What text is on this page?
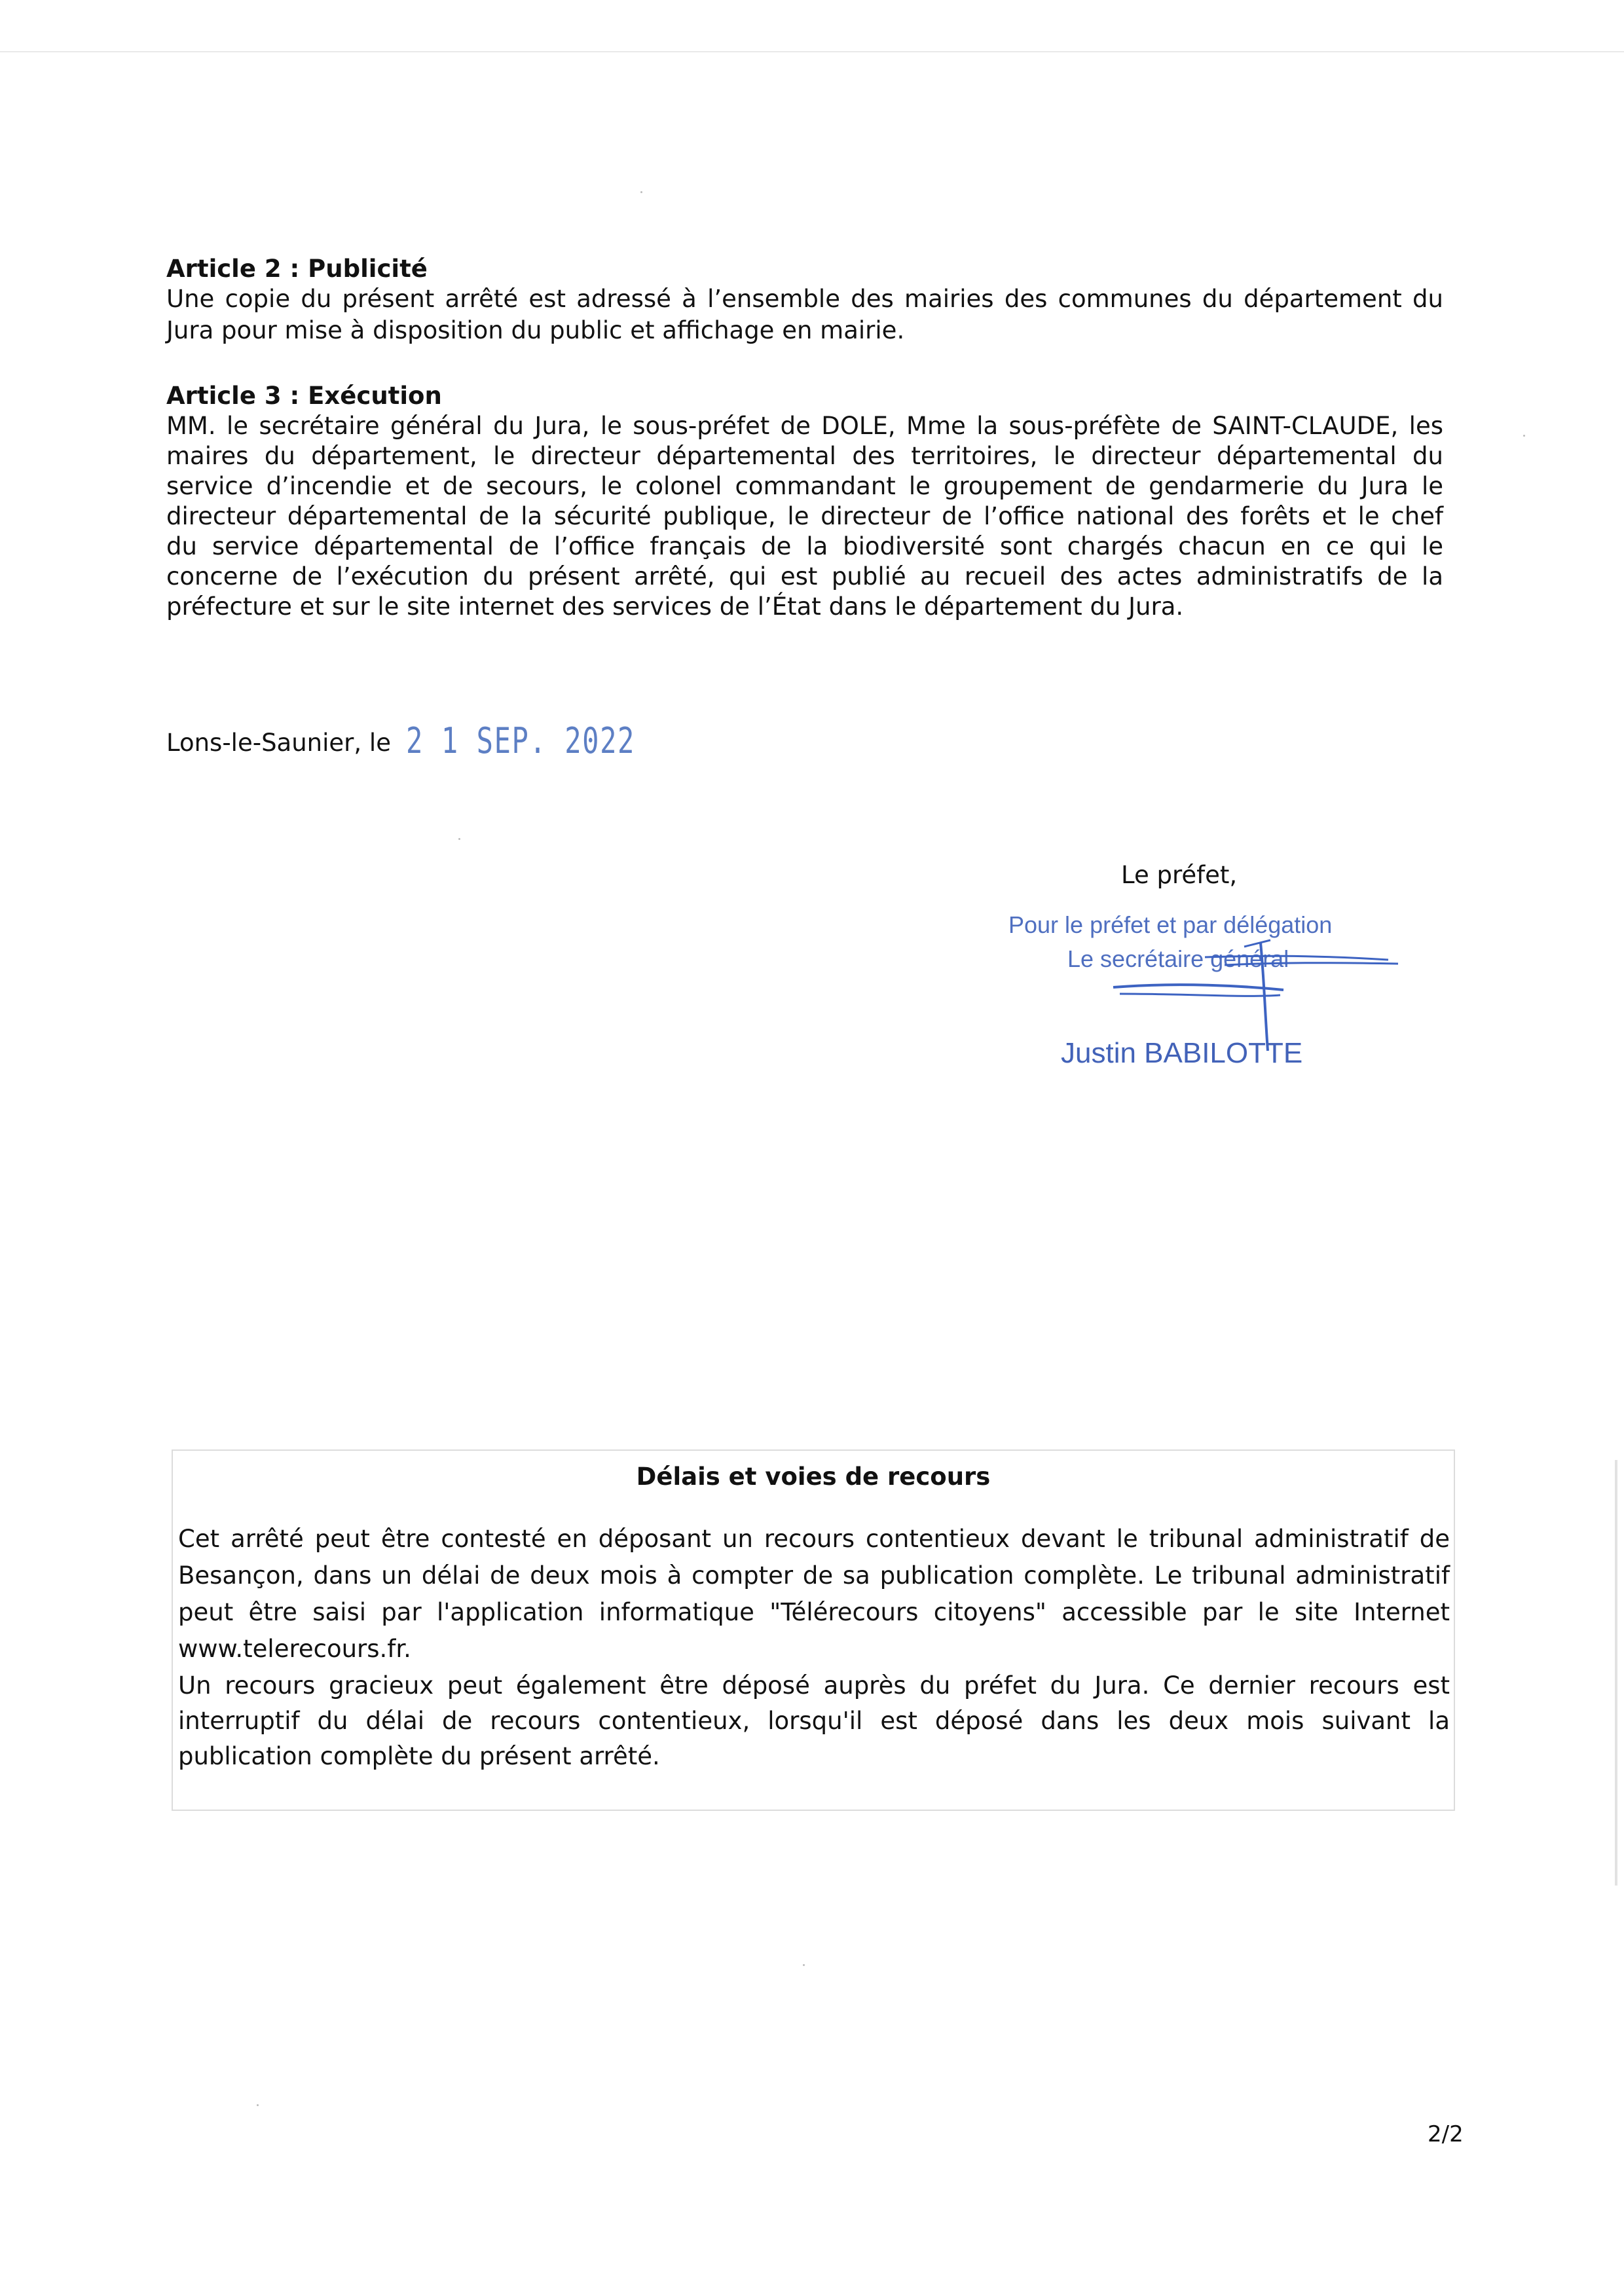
Article 2 : Publicité
Une copie du présent arrêté est adressé à l’ensemble des mairies des communes du département du
Jura pour mise à disposition du public et affichage en mairie.
Article 3 : Exécution
MM. le secrétaire général du Jura, le sous-préfet de DOLE, Mme la sous-préfète de SAINT-CLAUDE, les
maires du département, le directeur départemental des territoires, le directeur départemental du
service d’incendie et de secours, le colonel commandant le groupement de gendarmerie du Jura le
directeur départemental de la sécurité publique, le directeur de l’office national des forêts et le chef
du service départemental de l’office français de la biodiversité sont chargés chacun en ce qui le
concerne de l’exécution du présent arrêté, qui est publié au recueil des actes administratifs de la
préfecture et sur le site internet des services de l’État dans le département du Jura.
Lons-le-Saunier, le 2 1 SEP. 2022
Le préfet,
Pour le préfet et par délégation
Le secrétaire général
Justin BABILOTTE
Délais et voies de recours
Cet arrêté peut être contesté en déposant un recours contentieux devant le tribunal administratif de
Besançon, dans un délai de deux mois à compter de sa publication complète. Le tribunal administratif
peut être saisi par l'application informatique "Télérecours citoyens" accessible par le site Internet
www.telerecours.fr.
Un recours gracieux peut également être déposé auprès du préfet du Jura. Ce dernier recours est
interruptif du délai de recours contentieux, lorsqu'il est déposé dans les deux mois suivant la
publication complète du présent arrêté.
2/2
